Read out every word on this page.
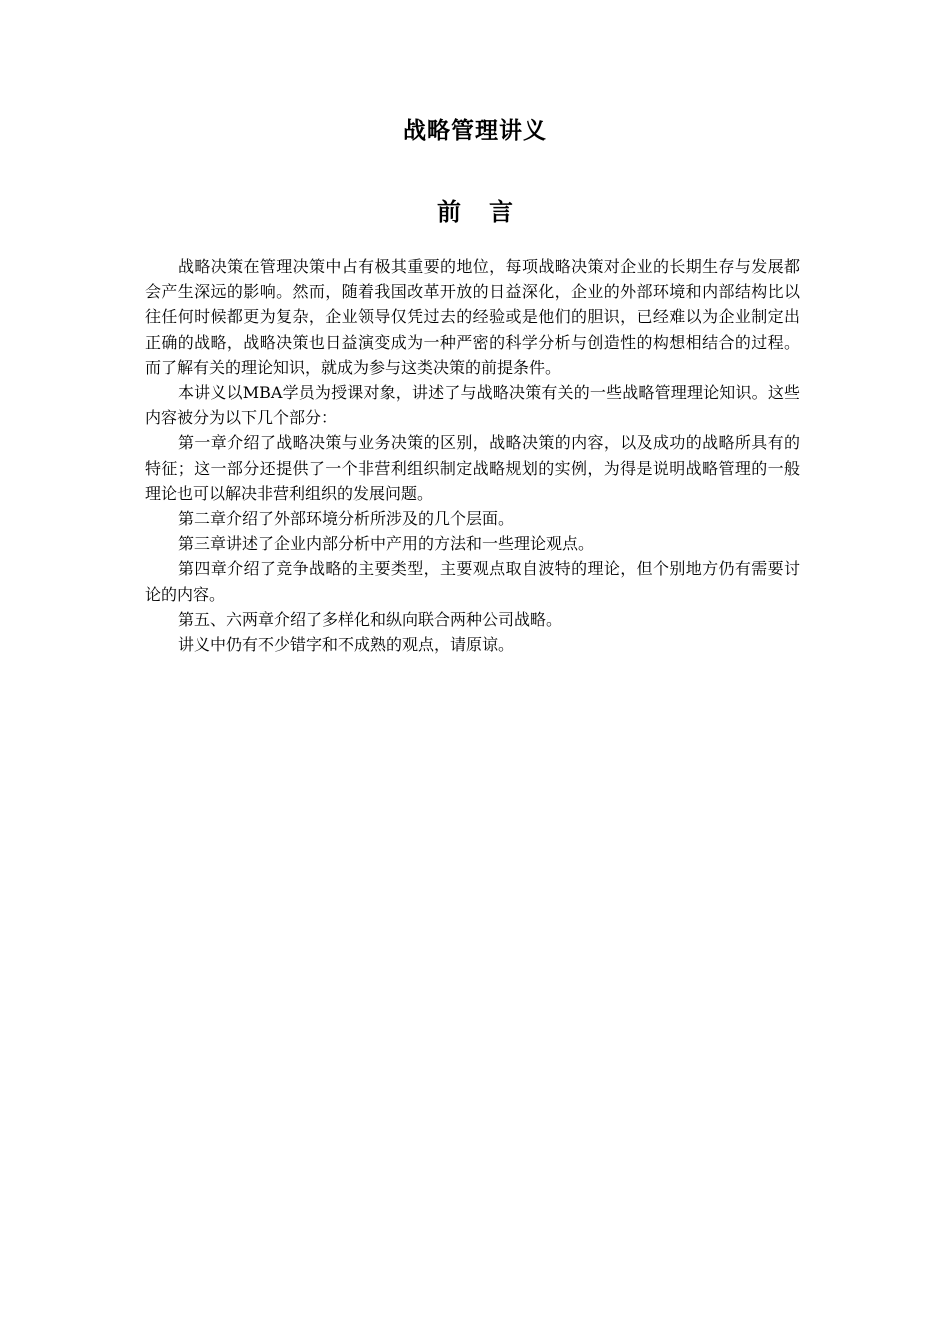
战略管理讲义
前言

战略决策在管理决策中占有极其重要的地位，每项战略决策对企业的长期生存与发展都会产生深远的影响。然而，随着我国改革开放的日益深化，企业的外部环境和内部结构比以往任何时候都更为复杂，企业领导仅凭过去的经验或是他们的胆识，已经难以为企业制定出正确的战略，战略决策也日益演变成为一种严密的科学分析与创造性的构想相结合的过程。而了解有关的理论知识，就成为参与这类决策的前提条件。

本讲义以MBA学员为授课对象，讲述了与战略决策有关的一些战略管理理论知识。这些内容被分为以下几个部分：

第一章介绍了战略决策与业务决策的区别，战略决策的内容，以及成功的战略所具有的特征；这一部分还提供了一个非营利组织制定战略规划的实例，为得是说明战略管理的一般理论也可以解决非营利组织的发展问题。

第二章介绍了外部环境分析所涉及的几个层面。

第三章讲述了企业内部分析中产用的方法和一些理论观点。

第四章介绍了竞争战略的主要类型，主要观点取自波特的理论，但个别地方仍有需要讨论的内容。

第五、六两章介绍了多样化和纵向联合两种公司战略。

讲义中仍有不少错字和不成熟的观点，请原谅。
